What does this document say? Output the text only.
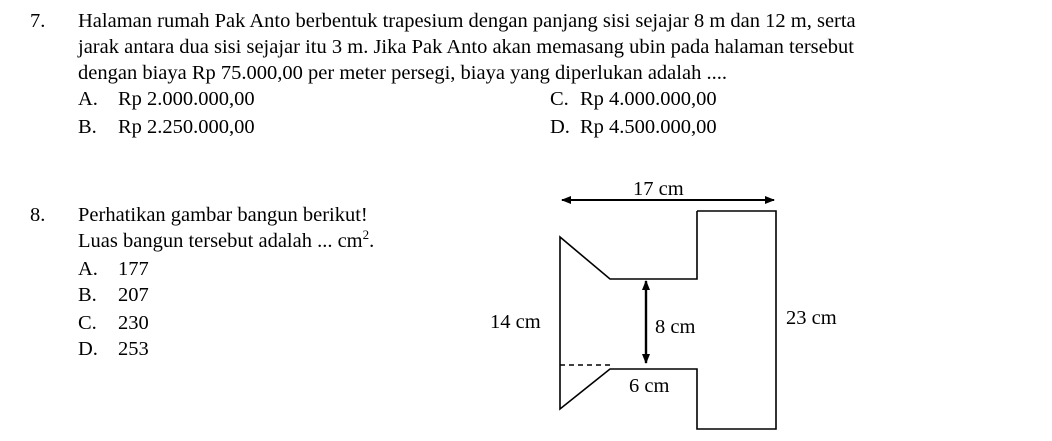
7. Halaman rumah Pak Anto berbentuk trapesium dengan panjang sisi sejajar 8 m dan 12 m, serta
jarak antara dua sisi sejajar itu 3 m. Jika Pak Anto akan memasang ubin pada halaman tersebut
dengan biaya Rp 75.000,00 per meter persegi, biaya yang diperlukan adalah ....
A. Rp 2.000.000,00
B. Rp 2.250.000,00
C. Rp 4.000.000,00
D. Rp 4.500.000,00
8. Perhatikan gambar bangun berikut!
Luas bangun tersebut adalah ... $cm^2$.
A. 177
B. 207
C. 230
D. 253
17 cm
14 cm	8 cm	23 cm
6 cm
